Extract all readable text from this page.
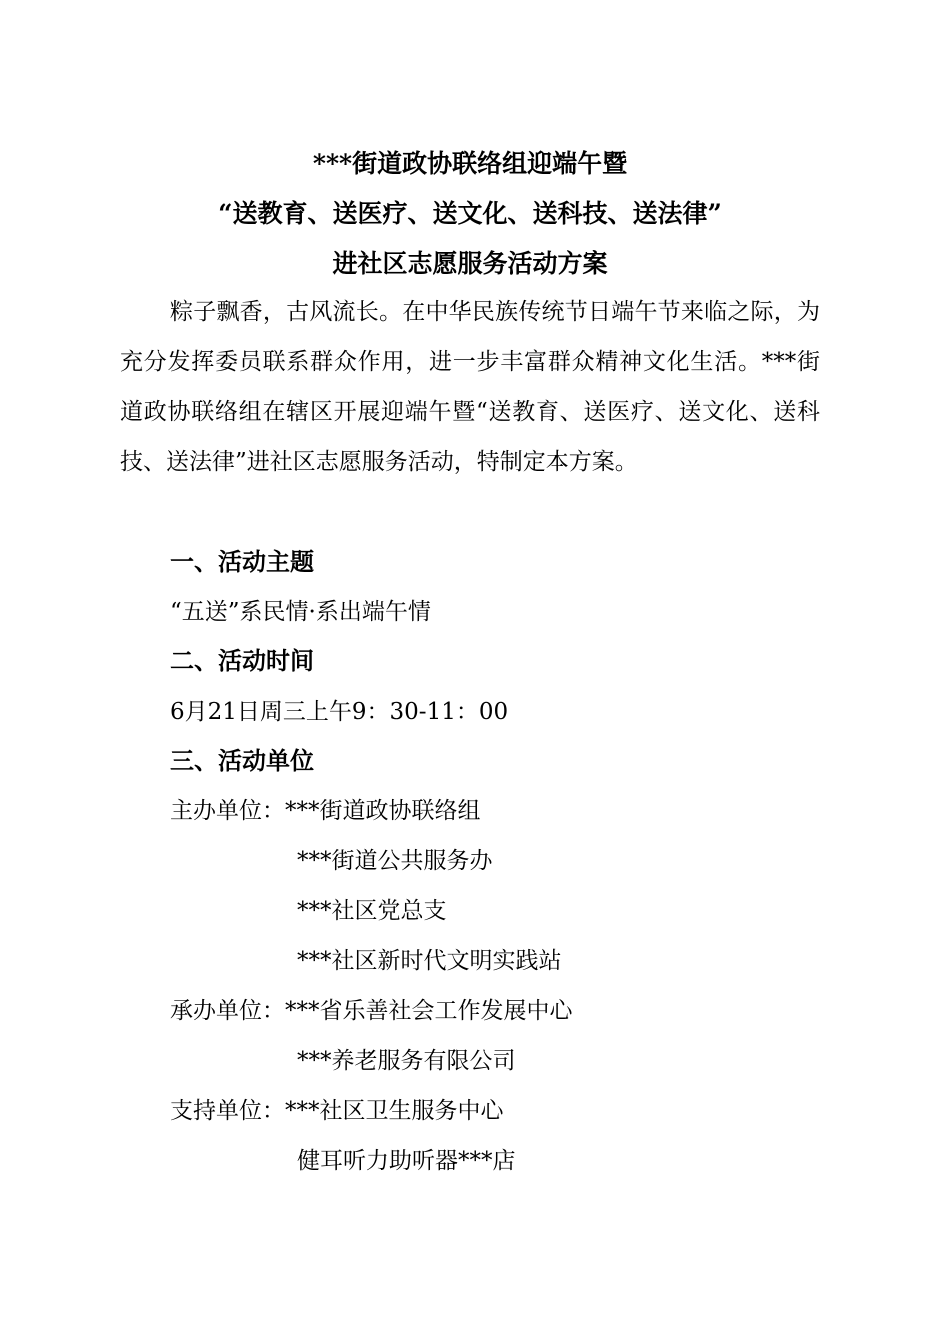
***街道政协联络组迎端午暨
“送教育、送医疗、送文化、送科技、送法律”
进社区志愿服务活动方案

粽子飘香，古风流长。在中华民族传统节日端午节来临之际，为充分发挥委员联系群众作用，进一步丰富群众精神文化生活。***街道政协联络组在辖区开展迎端午暨“送教育、送医疗、送文化、送科技、送法律”进社区志愿服务活动，特制定本方案。

一、活动主题
“五送”系民情·系出端午情
二、活动时间
6月21日周三上午9：30-11：00
三、活动单位
主办单位：***街道政协联络组
***街道公共服务办
***社区党总支
***社区新时代文明实践站
承办单位：***省乐善社会工作发展中心
***养老服务有限公司
支持单位：***社区卫生服务中心
健耳听力助听器***店
